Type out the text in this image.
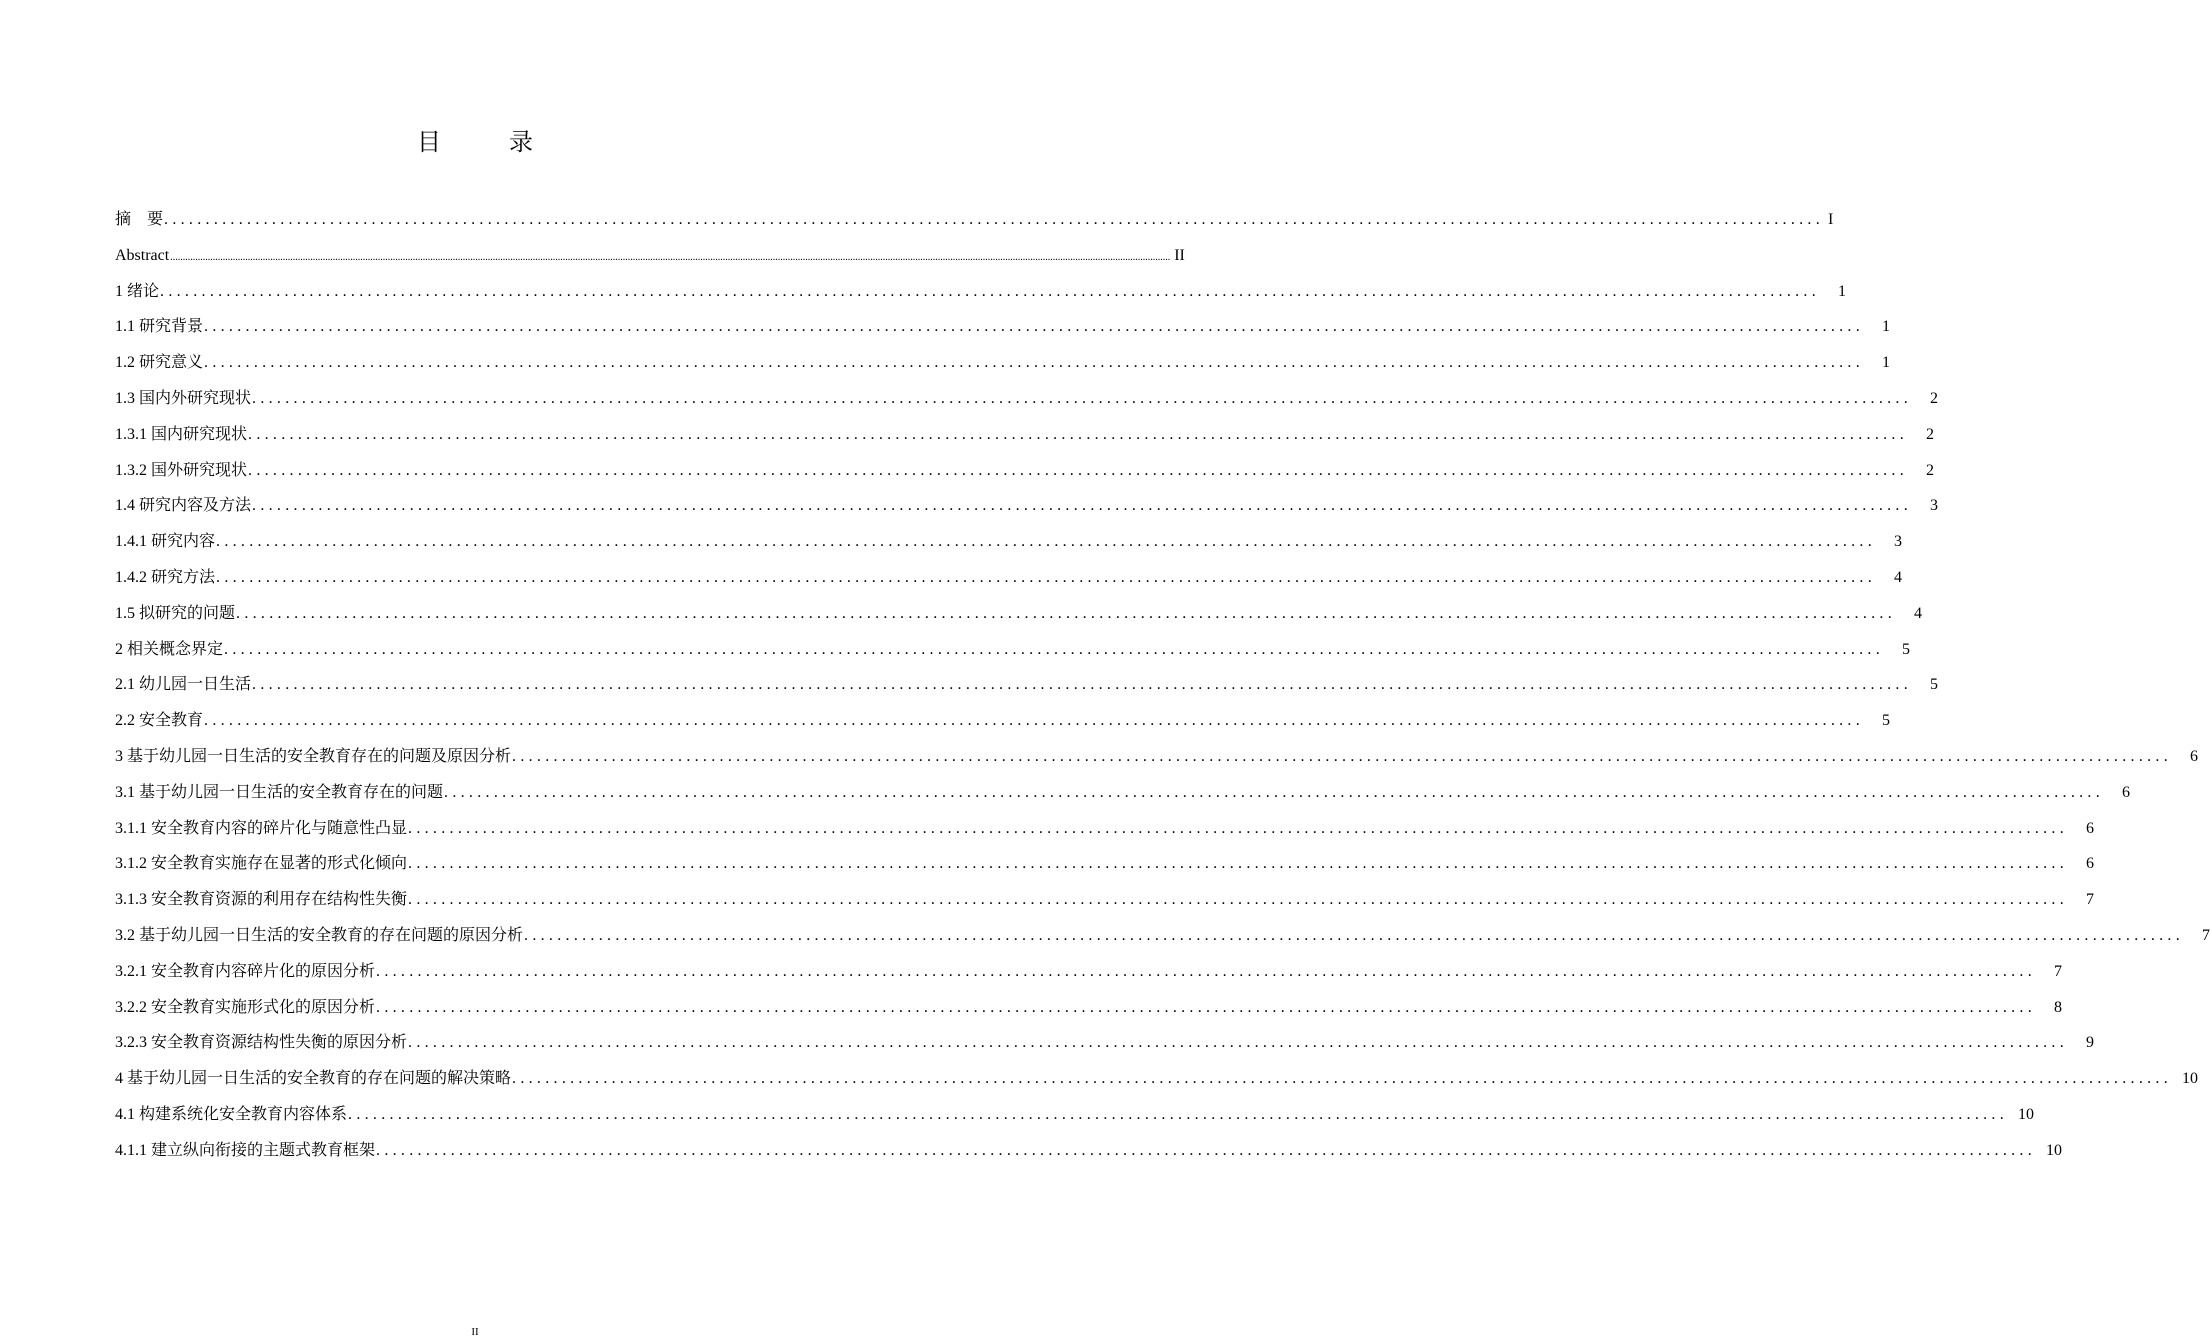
目　录
摘　要 ........................................................................................................................................................................................................ I
Abstract ................................................................................................................................................................................................................................................................................................................................................................................................................ II
1 绪论 ........................................................................................................................................................................................................	1
1.1 研究背景 ........................................................................................................................................................................................................	1
1.2 研究意义 ........................................................................................................................................................................................................	1
1.3 国内外研究现状 ........................................................................................................................................................................................................	2
1.3.1 国内研究现状 ........................................................................................................................................................................................................	2
1.3.2 国外研究现状 ........................................................................................................................................................................................................	2
1.4 研究内容及方法 ........................................................................................................................................................................................................	3
1.4.1 研究内容 ........................................................................................................................................................................................................	3
1.4.2 研究方法 ........................................................................................................................................................................................................	4
1.5 拟研究的问题 ........................................................................................................................................................................................................	4
2 相关概念界定 ........................................................................................................................................................................................................	5
2.1 幼儿园一日生活 ........................................................................................................................................................................................................	5
2.2 安全教育 ........................................................................................................................................................................................................	5
3 基于幼儿园一日生活的安全教育存在的问题及原因分析 ........................................................................................................................................................................................................	6
3.1 基于幼儿园一日生活的安全教育存在的问题 ........................................................................................................................................................................................................	6
3.1.1 安全教育内容的碎片化与随意性凸显 ........................................................................................................................................................................................................	6
3.1.2 安全教育实施存在显著的形式化倾向 ........................................................................................................................................................................................................	6
3.1.3 安全教育资源的利用存在结构性失衡 ........................................................................................................................................................................................................	7
3.2 基于幼儿园一日生活的安全教育的存在问题的原因分析 ........................................................................................................................................................................................................	7
3.2.1 安全教育内容碎片化的原因分析 ........................................................................................................................................................................................................	7
3.2.2 安全教育实施形式化的原因分析 ........................................................................................................................................................................................................	8
3.2.3 安全教育资源结构性失衡的原因分析 ........................................................................................................................................................................................................	9
4 基于幼儿园一日生活的安全教育的存在问题的解决策略 ........................................................................................................................................................................................................ 10
4.1 构建系统化安全教育内容体系 ........................................................................................................................................................................................................ 10
4.1.1 建立纵向衔接的主题式教育框架 ........................................................................................................................................................................................................ 10
II
